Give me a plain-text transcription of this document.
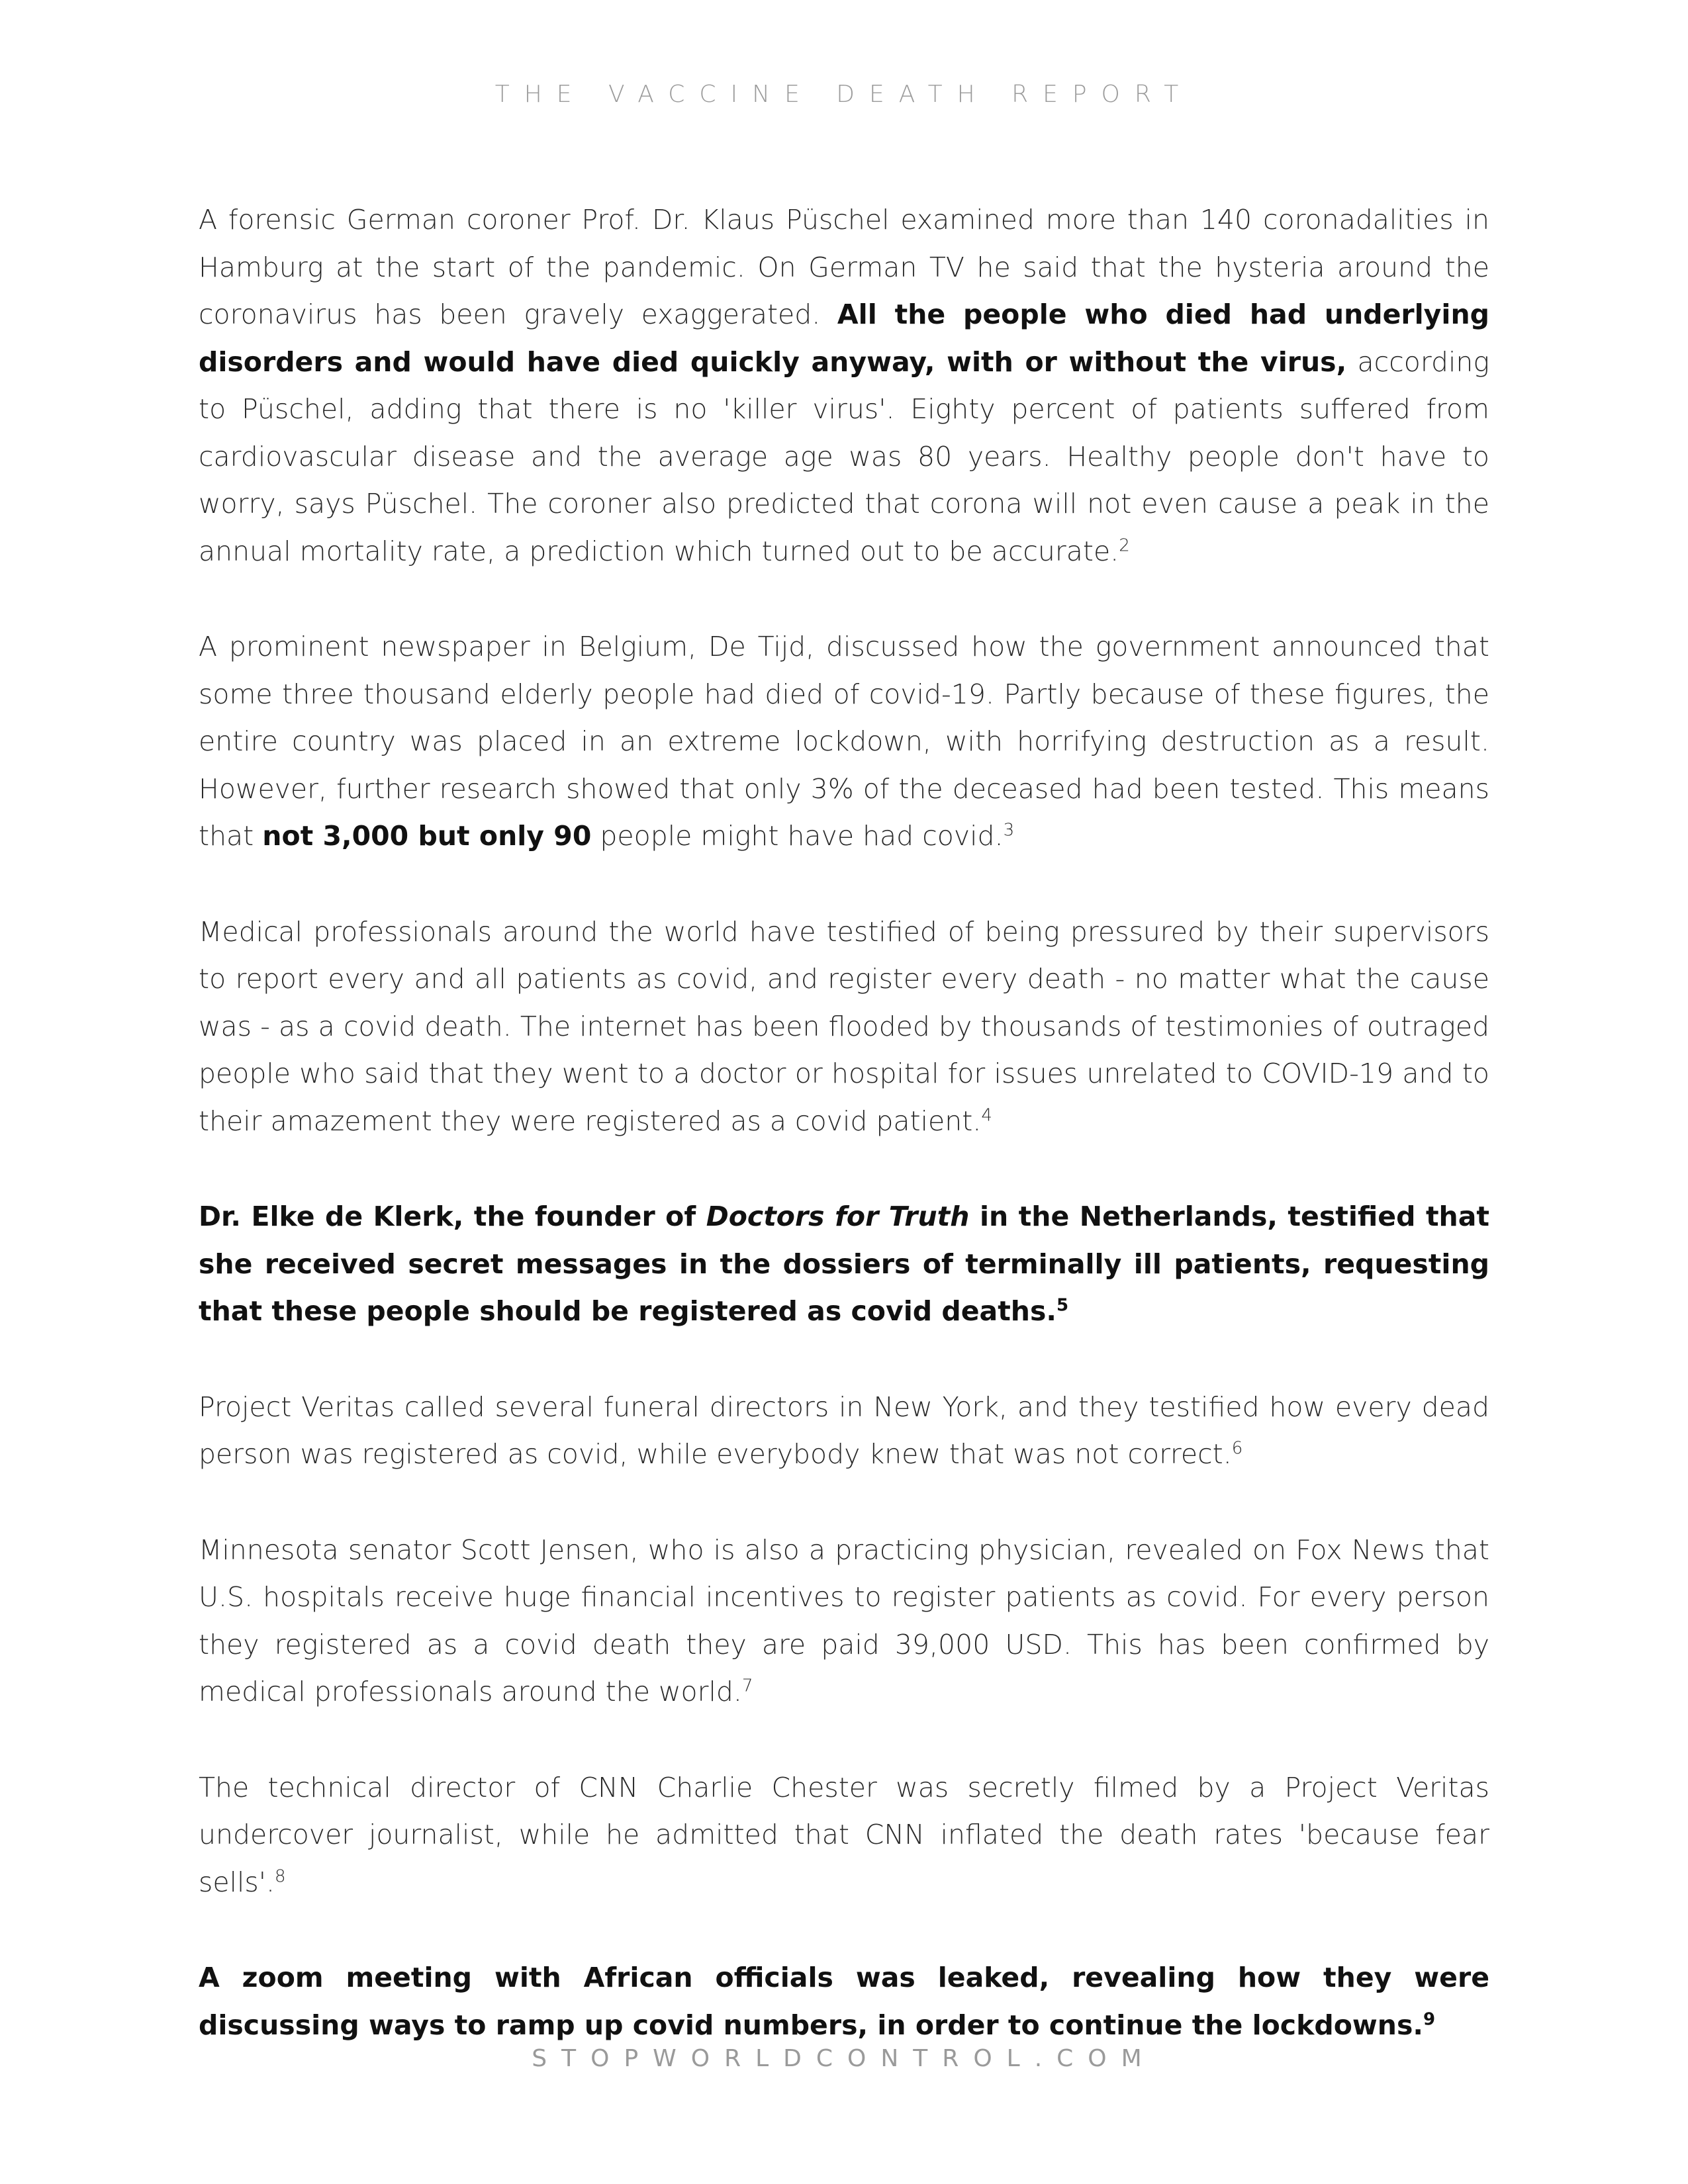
THE VACCINE DEATH REPORT

A forensic German coroner Prof. Dr. Klaus Püschel examined more than 140 coronadalities in Hamburg at the start of the pandemic. On German TV he said that the hysteria around the coronavirus has been gravely exaggerated. All the people who died had underlying disorders and would have died quickly anyway, with or without the virus, according to Püschel, adding that there is no 'killer virus'. Eighty percent of patients suffered from cardiovascular disease and the average age was 80 years. Healthy people don't have to worry, says Püschel. The coroner also predicted that corona will not even cause a peak in the annual mortality rate, a prediction which turned out to be accurate.$^2$

A prominent newspaper in Belgium, De Tijd, discussed how the government announced that some three thousand elderly people had died of covid-19. Partly because of these figures, the entire country was placed in an extreme lockdown, with horrifying destruction as a result. However, further research showed that only 3% of the deceased had been tested. This means that not 3,000 but only 90 people might have had covid.$^3$

Medical professionals around the world have testified of being pressured by their supervisors to report every and all patients as covid, and register every death - no matter what the cause was - as a covid death. The internet has been flooded by thousands of testimonies of outraged people who said that they went to a doctor or hospital for issues unrelated to COVID-19 and to their amazement they were registered as a covid patient.$^4$

Dr. Elke de Klerk, the founder of Doctors for Truth in the Netherlands, testified that she received secret messages in the dossiers of terminally ill patients, requesting that these people should be registered as covid deaths.$^5$

Project Veritas called several funeral directors in New York, and they testified how every dead person was registered as covid, while everybody knew that was not correct.$^6$

Minnesota senator Scott Jensen, who is also a practicing physician, revealed on Fox News that U.S. hospitals receive huge financial incentives to register patients as covid. For every person they registered as a covid death they are paid 39,000 USD. This has been confirmed by medical professionals around the world.$^7$

The technical director of CNN Charlie Chester was secretly filmed by a Project Veritas undercover journalist, while he admitted that CNN inflated the death rates 'because fear sells'.$^8$

A zoom meeting with African officials was leaked, revealing how they were discussing ways to ramp up covid numbers, in order to continue the lockdowns.$^9$

STOPWORLDCONTROL.COM
